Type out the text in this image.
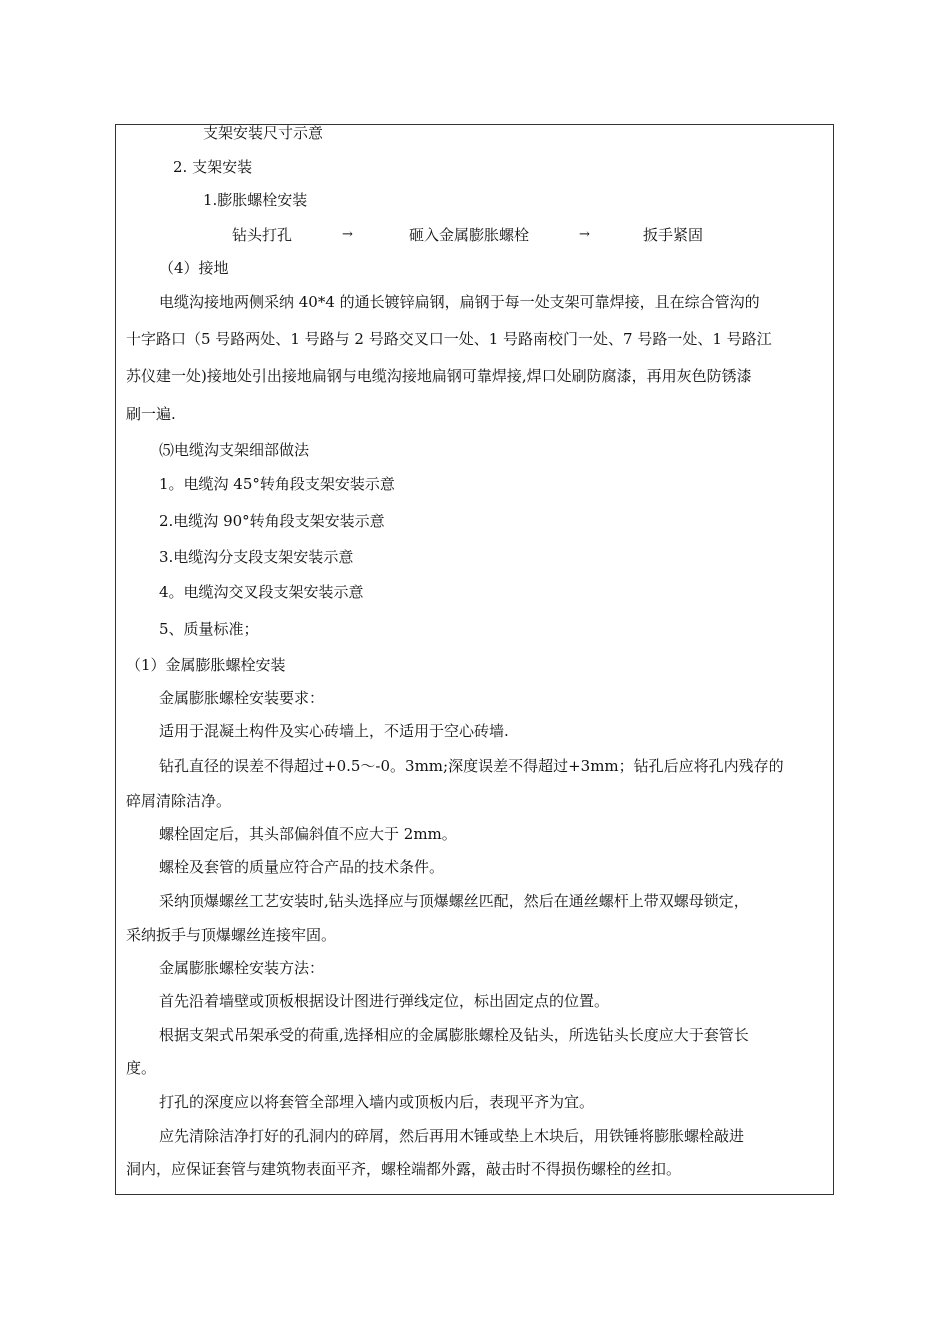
支架安装尺寸示意
2. 支架安装
1.膨胀螺栓安装
钻头打孔	→	砸入金属膨胀螺栓	→	扳手紧固
（4）接地
电缆沟接地两侧采纳 40*4 的通长镀锌扁钢，扁钢于每一处支架可靠焊接，且在综合管沟的
十字路口（5 号路两处、1 号路与 2 号路交叉口一处、1 号路南校门一处、7 号路一处、1 号路江
苏仪建一处)接地处引出接地扁钢与电缆沟接地扁钢可靠焊接,焊口处刷防腐漆，再用灰色防锈漆
刷一遍.
⑸电缆沟支架细部做法
1。电缆沟 45°转角段支架安装示意
2.电缆沟 90°转角段支架安装示意
3.电缆沟分支段支架安装示意
4。电缆沟交叉段支架安装示意
5、质量标准；
（1）金属膨胀螺栓安装
金属膨胀螺栓安装要求：
适用于混凝土构件及实心砖墙上，不适用于空心砖墙.
钻孔直径的误差不得超过+0.5～-0。3mm;深度误差不得超过+3mm；钻孔后应将孔内残存的
碎屑清除洁净。
螺栓固定后，其头部偏斜值不应大于 2mm。
螺栓及套管的质量应符合产品的技术条件。
采纳顶爆螺丝工艺安装时,钻头选择应与顶爆螺丝匹配，然后在通丝螺杆上带双螺母锁定，
采纳扳手与顶爆螺丝连接牢固。
金属膨胀螺栓安装方法：
首先沿着墙壁或顶板根据设计图进行弹线定位，标出固定点的位置。
根据支架式吊架承受的荷重,选择相应的金属膨胀螺栓及钻头，所选钻头长度应大于套管长
度。
打孔的深度应以将套管全部埋入墙内或顶板内后，表现平齐为宜。
应先清除洁净打好的孔洞内的碎屑，然后再用木锤或垫上木块后，用铁锤将膨胀螺栓敲进
洞内，应保证套管与建筑物表面平齐，螺栓端都外露，敲击时不得损伤螺栓的丝扣。
